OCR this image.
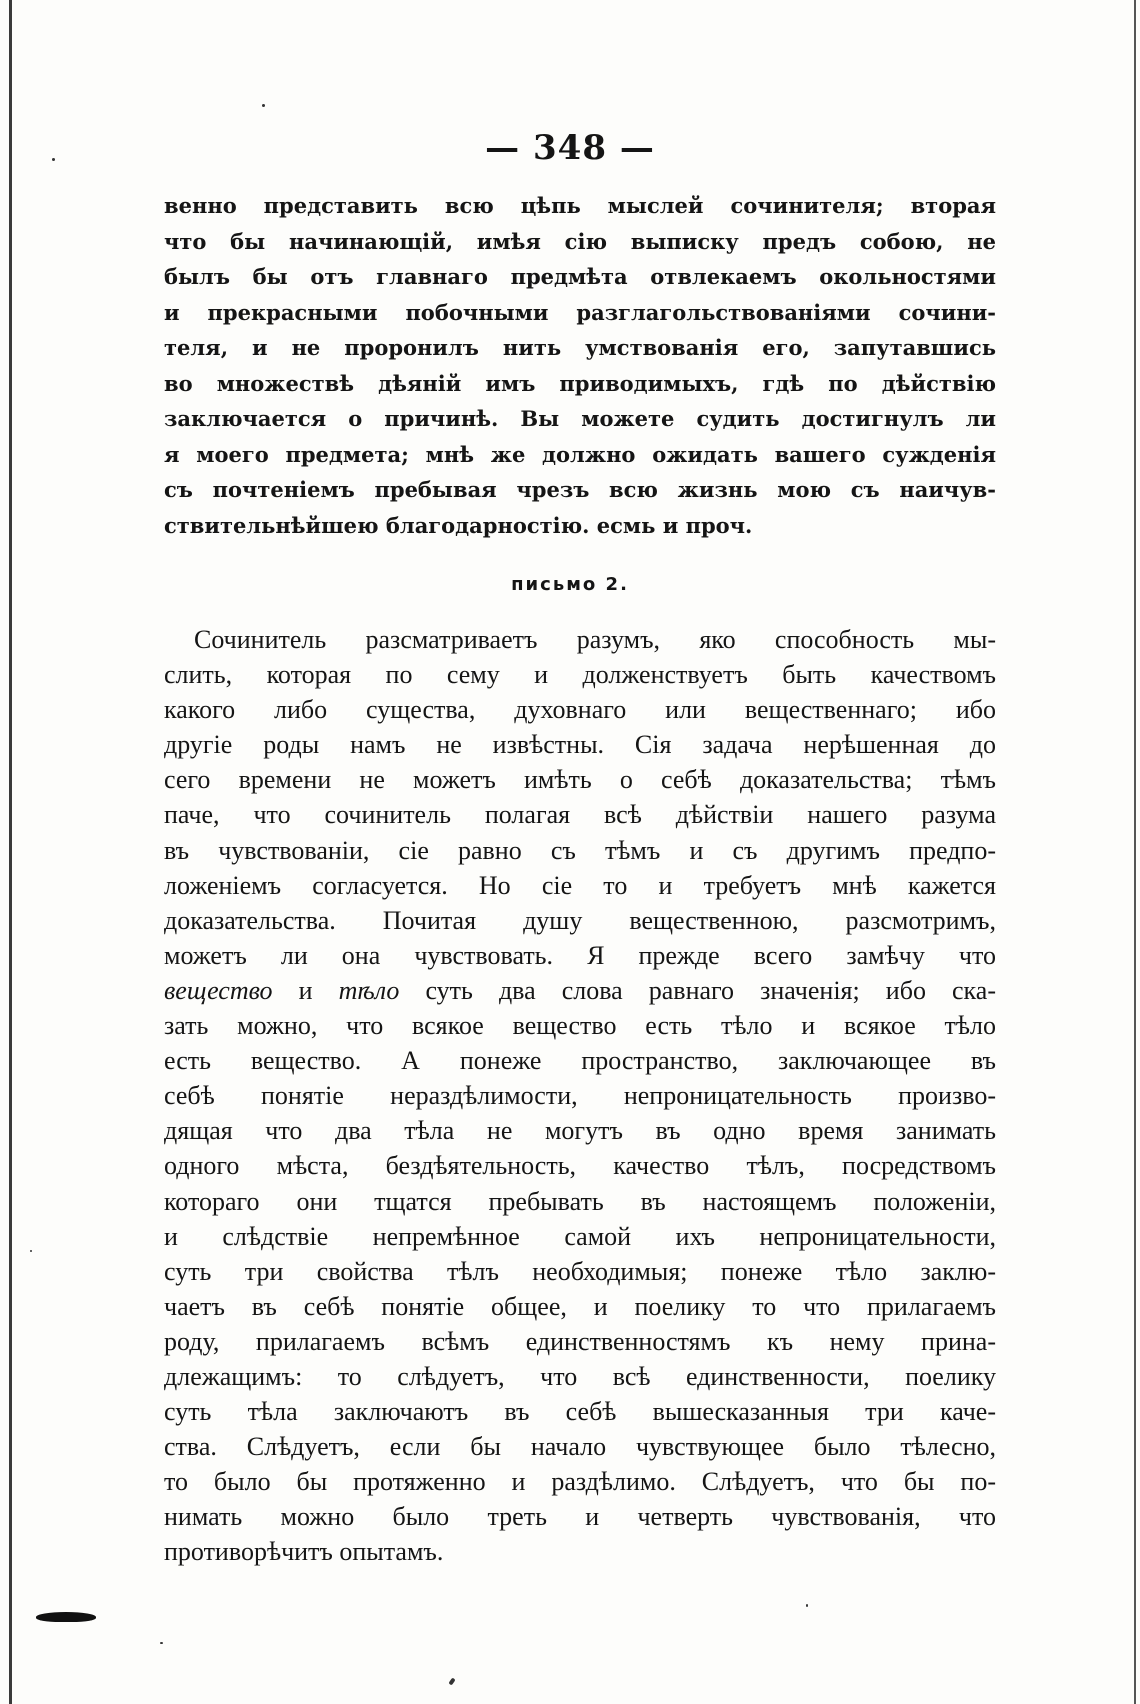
— 348 —
венно представить всю цѣпь мыслей сочинителя; вторая
что бы начинающій, имѣя сію выписку предъ собою, не
былъ бы отъ главнаго предмѣта отвлекаемъ окольностями
и прекрасными побочными разглагольствованіями сочини-
теля, и не проронилъ нить умствованія его, запутавшись
во множествѣ дѣяній имъ приводимыхъ, гдѣ по дѣйствію
заключается о причинѣ. Вы можете судить достигнулъ ли
я моего предмета; мнѣ же должно ожидать вашего сужденія
съ почтеніемъ пребывая чрезъ всю жизнь мою съ наичув-
ствительнѣйшею благодарностію. есмь и проч.
письмо 2.
Сочинитель разсматриваетъ разумъ, яко способность мы-
слить, которая по сему и долженствуетъ быть качествомъ
какого либо существа, духовнаго или вещественнаго; ибо
другіе роды намъ не извѣстны. Сія задача нерѣшенная до
сего времени не можетъ имѣть о себѣ доказательства; тѣмъ
паче, что сочинитель полагая всѣ дѣйствіи нашего разума
въ чувствованіи, сіе равно съ тѣмъ и съ другимъ предпо-
ложеніемъ согласуется. Но сіе то и требуетъ мнѣ кажется
доказательства. Почитая душу вещественною, разсмотримъ,
можетъ ли она чувствовать. Я прежде всего замѣчу что
вещество и тѣло суть два слова равнаго значенія; ибо ска-
зать можно, что всякое вещество есть тѣло и всякое тѣло
есть вещество. А понеже пространство, заключающее въ
себѣ понятіе нераздѣлимости, непроницательность произво-
дящая что два тѣла не могутъ въ одно время занимать
одного мѣста, бездѣятельность, качество тѣлъ, посредствомъ
котораго они тщатся пребывать въ настоящемъ положеніи,
и слѣдствіе непремѣнное самой ихъ непроницательности,
суть три свойства тѣлъ необходимыя; понеже тѣло заклю-
чаетъ въ себѣ понятіе общее, и поелику то что прилагаемъ
роду, прилагаемъ всѣмъ единственностямъ къ нему прина-
длежащимъ: то слѣдуетъ, что всѣ единственности, поелику
суть тѣла заключаютъ въ себѣ вышесказанныя три каче-
ства. Слѣдуетъ, если бы начало чувствующее было тѣлесно,
то было бы протяженно и раздѣлимо. Слѣдуетъ, что бы по-
нимать можно было треть и четверть чувствованія, что
противорѣчитъ опытамъ.
